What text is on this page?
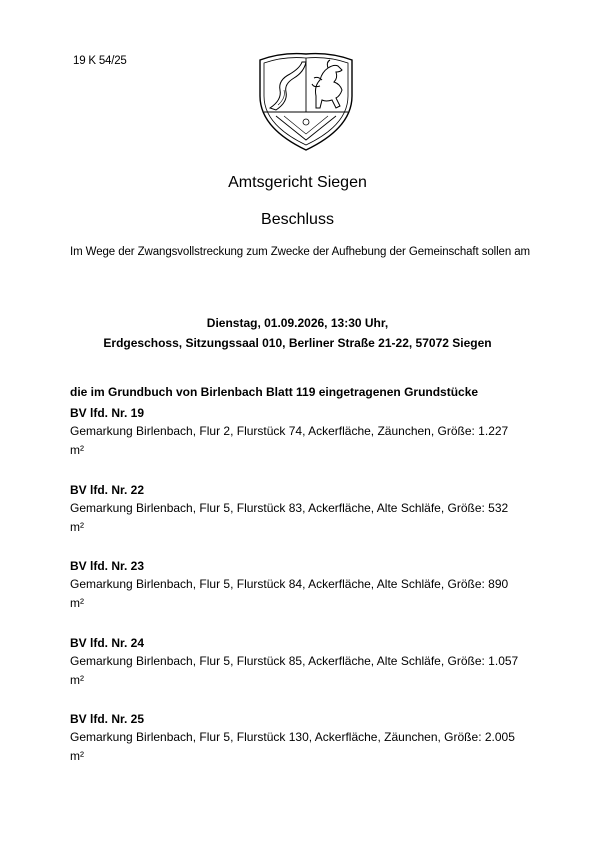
19 K 54/25
Amtsgericht Siegen
Beschluss
Im Wege der Zwangsvollstreckung zum Zwecke der Aufhebung der Gemeinschaft sollen am
Dienstag, 01.09.2026, 13:30 Uhr,
Erdgeschoss, Sitzungssaal 010, Berliner Straße 21-22, 57072 Siegen
die im Grundbuch von Birlenbach Blatt 119 eingetragenen Grundstücke
BV lfd. Nr. 19
Gemarkung Birlenbach, Flur 2, Flurstück 74, Ackerfläche, Zäunchen, Größe: 1.227 m²
BV lfd. Nr. 22
Gemarkung Birlenbach, Flur 5, Flurstück 83, Ackerfläche, Alte Schläfe, Größe: 532 m²
BV lfd. Nr. 23
Gemarkung Birlenbach, Flur 5, Flurstück 84, Ackerfläche, Alte Schläfe, Größe: 890 m²
BV lfd. Nr. 24
Gemarkung Birlenbach, Flur 5, Flurstück 85, Ackerfläche, Alte Schläfe, Größe: 1.057 m²
BV lfd. Nr. 25
Gemarkung Birlenbach, Flur 5, Flurstück 130, Ackerfläche, Zäunchen, Größe: 2.005 m²
